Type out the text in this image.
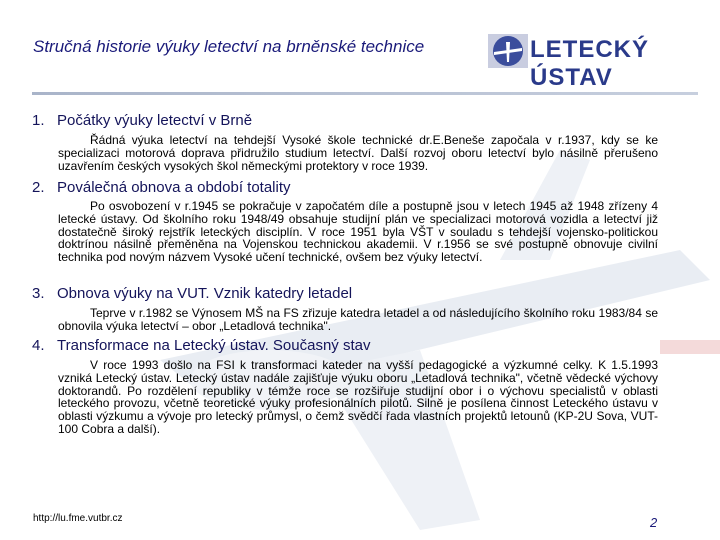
Stručná historie výuky letectví na brněnské technice	LETECKÝ ÚSTAV

1. Počátky výuky letectví v Brně

Řádná výuka letectví na tehdejší Vysoké škole technické dr.E.Beneše započala v r.1937, kdy se ke specializaci motorová doprava přidružilo studium letectví. Další rozvoj oboru letectví bylo násilně přerušeno uzavřením českých vysokých škol německými protektory v roce 1939.

2. Poválečná obnova a období totality

Po osvobození v r.1945 se pokračuje v započatém díle a postupně jsou v letech 1945 až 1948 zřízeny 4 letecké ústavy. Od školního roku 1948/49 obsahuje studijní plán ve specializaci motorová vozidla a letectví již dostatečně široký rejstřík leteckých disciplín. V roce 1951 byla VŠT v souladu s tehdejší vojensko-politickou doktrínou násilně přeměněna na Vojenskou technickou akademii. V r.1956 se své postupně obnovuje civilní technika pod novým názvem Vysoké učení technické, ovšem bez výuky letectví.

3. Obnova výuky na VUT. Vznik katedry letadel

Teprve v r.1982 se Výnosem MŠ na FS zřizuje katedra letadel a od následujícího školního roku 1983/84 se obnovila výuka letectví – obor „Letadlová technika".

4. Transformace na Letecký ústav. Současný stav

V roce 1993 došlo na FSI k transformaci kateder na vyšší pedagogické a výzkumné celky. K 1.5.1993 vzniká Letecký ústav. Letecký ústav nadále zajišťuje výuku oboru „Letadlová technika", včetně vědecké výchovy doktorandů. Po rozdělení republiky v témže roce se rozšiřuje studijní obor i o výchovu specialistů v oblasti leteckého provozu, včetně teoretické výuky profesionálních pilotů. Silně je posílena činnost Leteckého ústavu v oblasti výzkumu a vývoje pro letecký průmysl, o čemž svědčí řada vlastních projektů letounů (KP-2U Sova, VUT-100 Cobra a další).

http://lu.fme.vutbr.cz	2
